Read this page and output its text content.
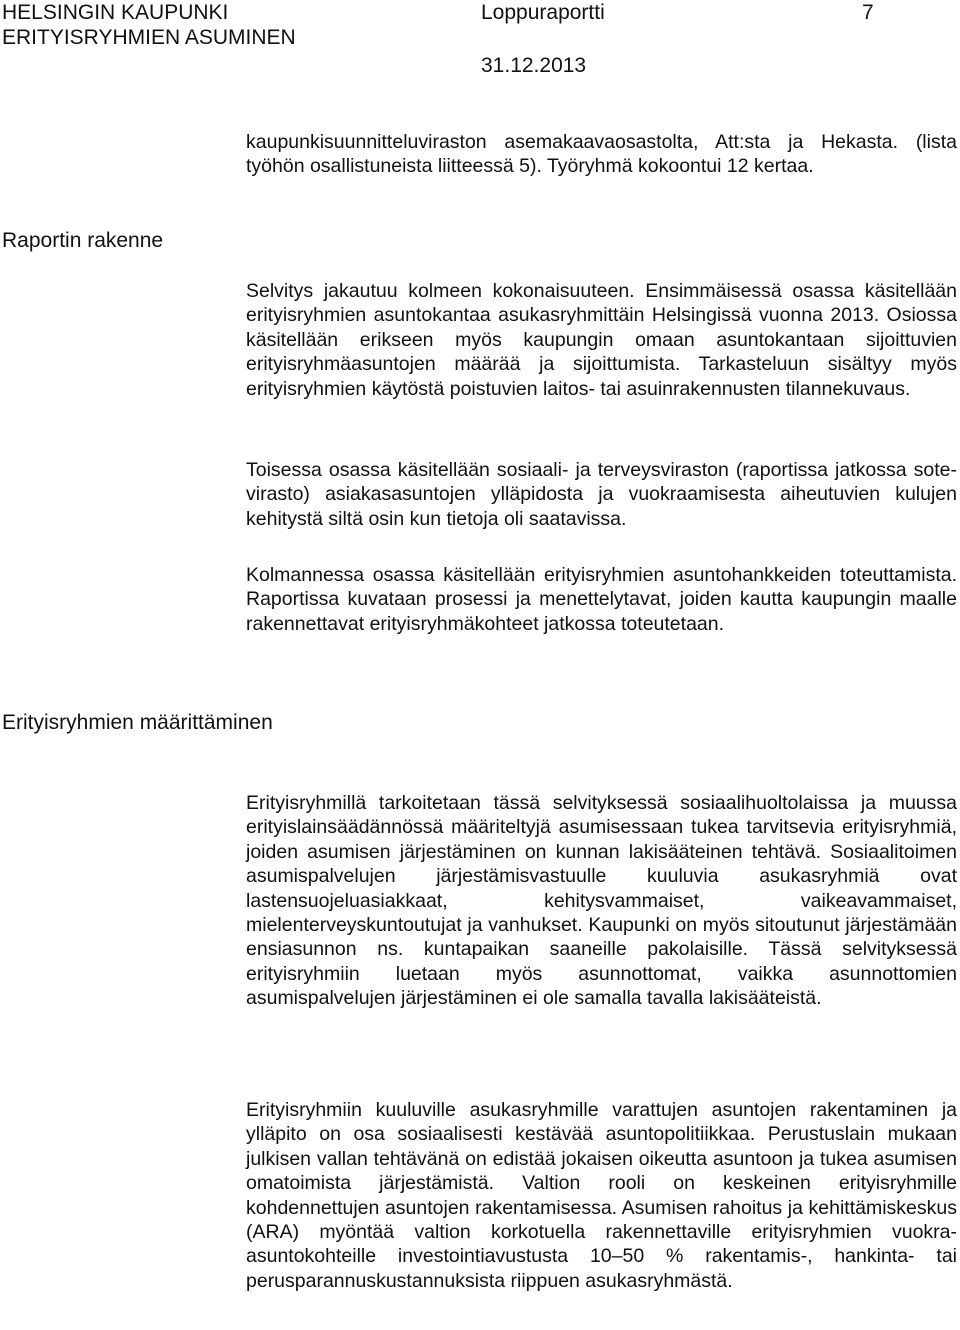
HELSINGIN KAUPUNKI
ERITYISRYHMIEN ASUMINEN
Loppuraportti	7
31.12.2013

kaupunkisuunnitteluviraston asemakaavaosastolta, Att:sta ja Hekasta. (lista työhön osallistuneista liitteessä 5). Työryhmä kokoontui 12 kertaa.

Raportin rakenne

Selvitys jakautuu kolmeen kokonaisuuteen. Ensimmäisessä osassa käsitellään erityisryhmien asuntokantaa asukasryhmittäin Helsingissä vuonna 2013. Osiossa käsitellään erikseen myös kaupungin omaan asuntokantaan sijoittuvien erityisryhmäasuntojen määrää ja sijoittumista. Tarkasteluun sisältyy myös erityisryhmien käytöstä poistuvien laitos- tai asuinrakennusten tilannekuvaus.

Toisessa osassa käsitellään sosiaali- ja terveysviraston (raportissa jatkossa sote-virasto) asiakasasuntojen ylläpidosta ja vuokraamisesta aiheutuvien kulujen kehitystä siltä osin kun tietoja oli saatavissa.

Kolmannessa osassa käsitellään erityisryhmien asuntohankkeiden toteuttamista. Raportissa kuvataan prosessi ja menettelytavat, joiden kautta kaupungin maalle rakennettavat erityisryhmäkohteet jatkossa toteutetaan.

Erityisryhmien määrittäminen

Erityisryhmillä tarkoitetaan tässä selvityksessä sosiaalihuoltolaissa ja muussa erityislainsäädännössä määriteltyjä asumisessaan tukea tarvitsevia erityisryhmiä, joiden asumisen järjestäminen on kunnan lakisääteinen tehtävä. Sosiaalitoimen asumispalvelujen järjestämisvastuulle kuuluvia asukasryhmiä ovat lastensuojeluasiakkaat, kehitysvammaiset, vaikeavammaiset, mielenterveyskuntoutujat ja vanhukset. Kaupunki on myös sitoutunut järjestämään ensiasunnon ns. kuntapaikan saaneille pakolaisille. Tässä selvityksessä erityisryhmiin luetaan myös asunnottomat, vaikka asunnottomien asumispalvelujen järjestäminen ei ole samalla tavalla lakisääteistä.

Erityisryhmiin kuuluville asukasryhmille varattujen asuntojen rakentaminen ja ylläpito on osa sosiaalisesti kestävää asuntopolitiikkaa. Perustuslain mukaan julkisen vallan tehtävänä on edistää jokaisen oikeutta asuntoon ja tukea asumisen omatoimista järjestämistä. Valtion rooli on keskeinen erityisryhmille kohdennettujen asuntojen rakentamisessa. Asumisen rahoitus ja kehittämiskeskus (ARA) myöntää valtion korkotuella rakennettaville erityisryhmien vuokra-asuntokohteille investointiavustusta 10–50 % rakentamis-, hankinta- tai perusparannuskustannuksista riippuen asukasryhmästä.
